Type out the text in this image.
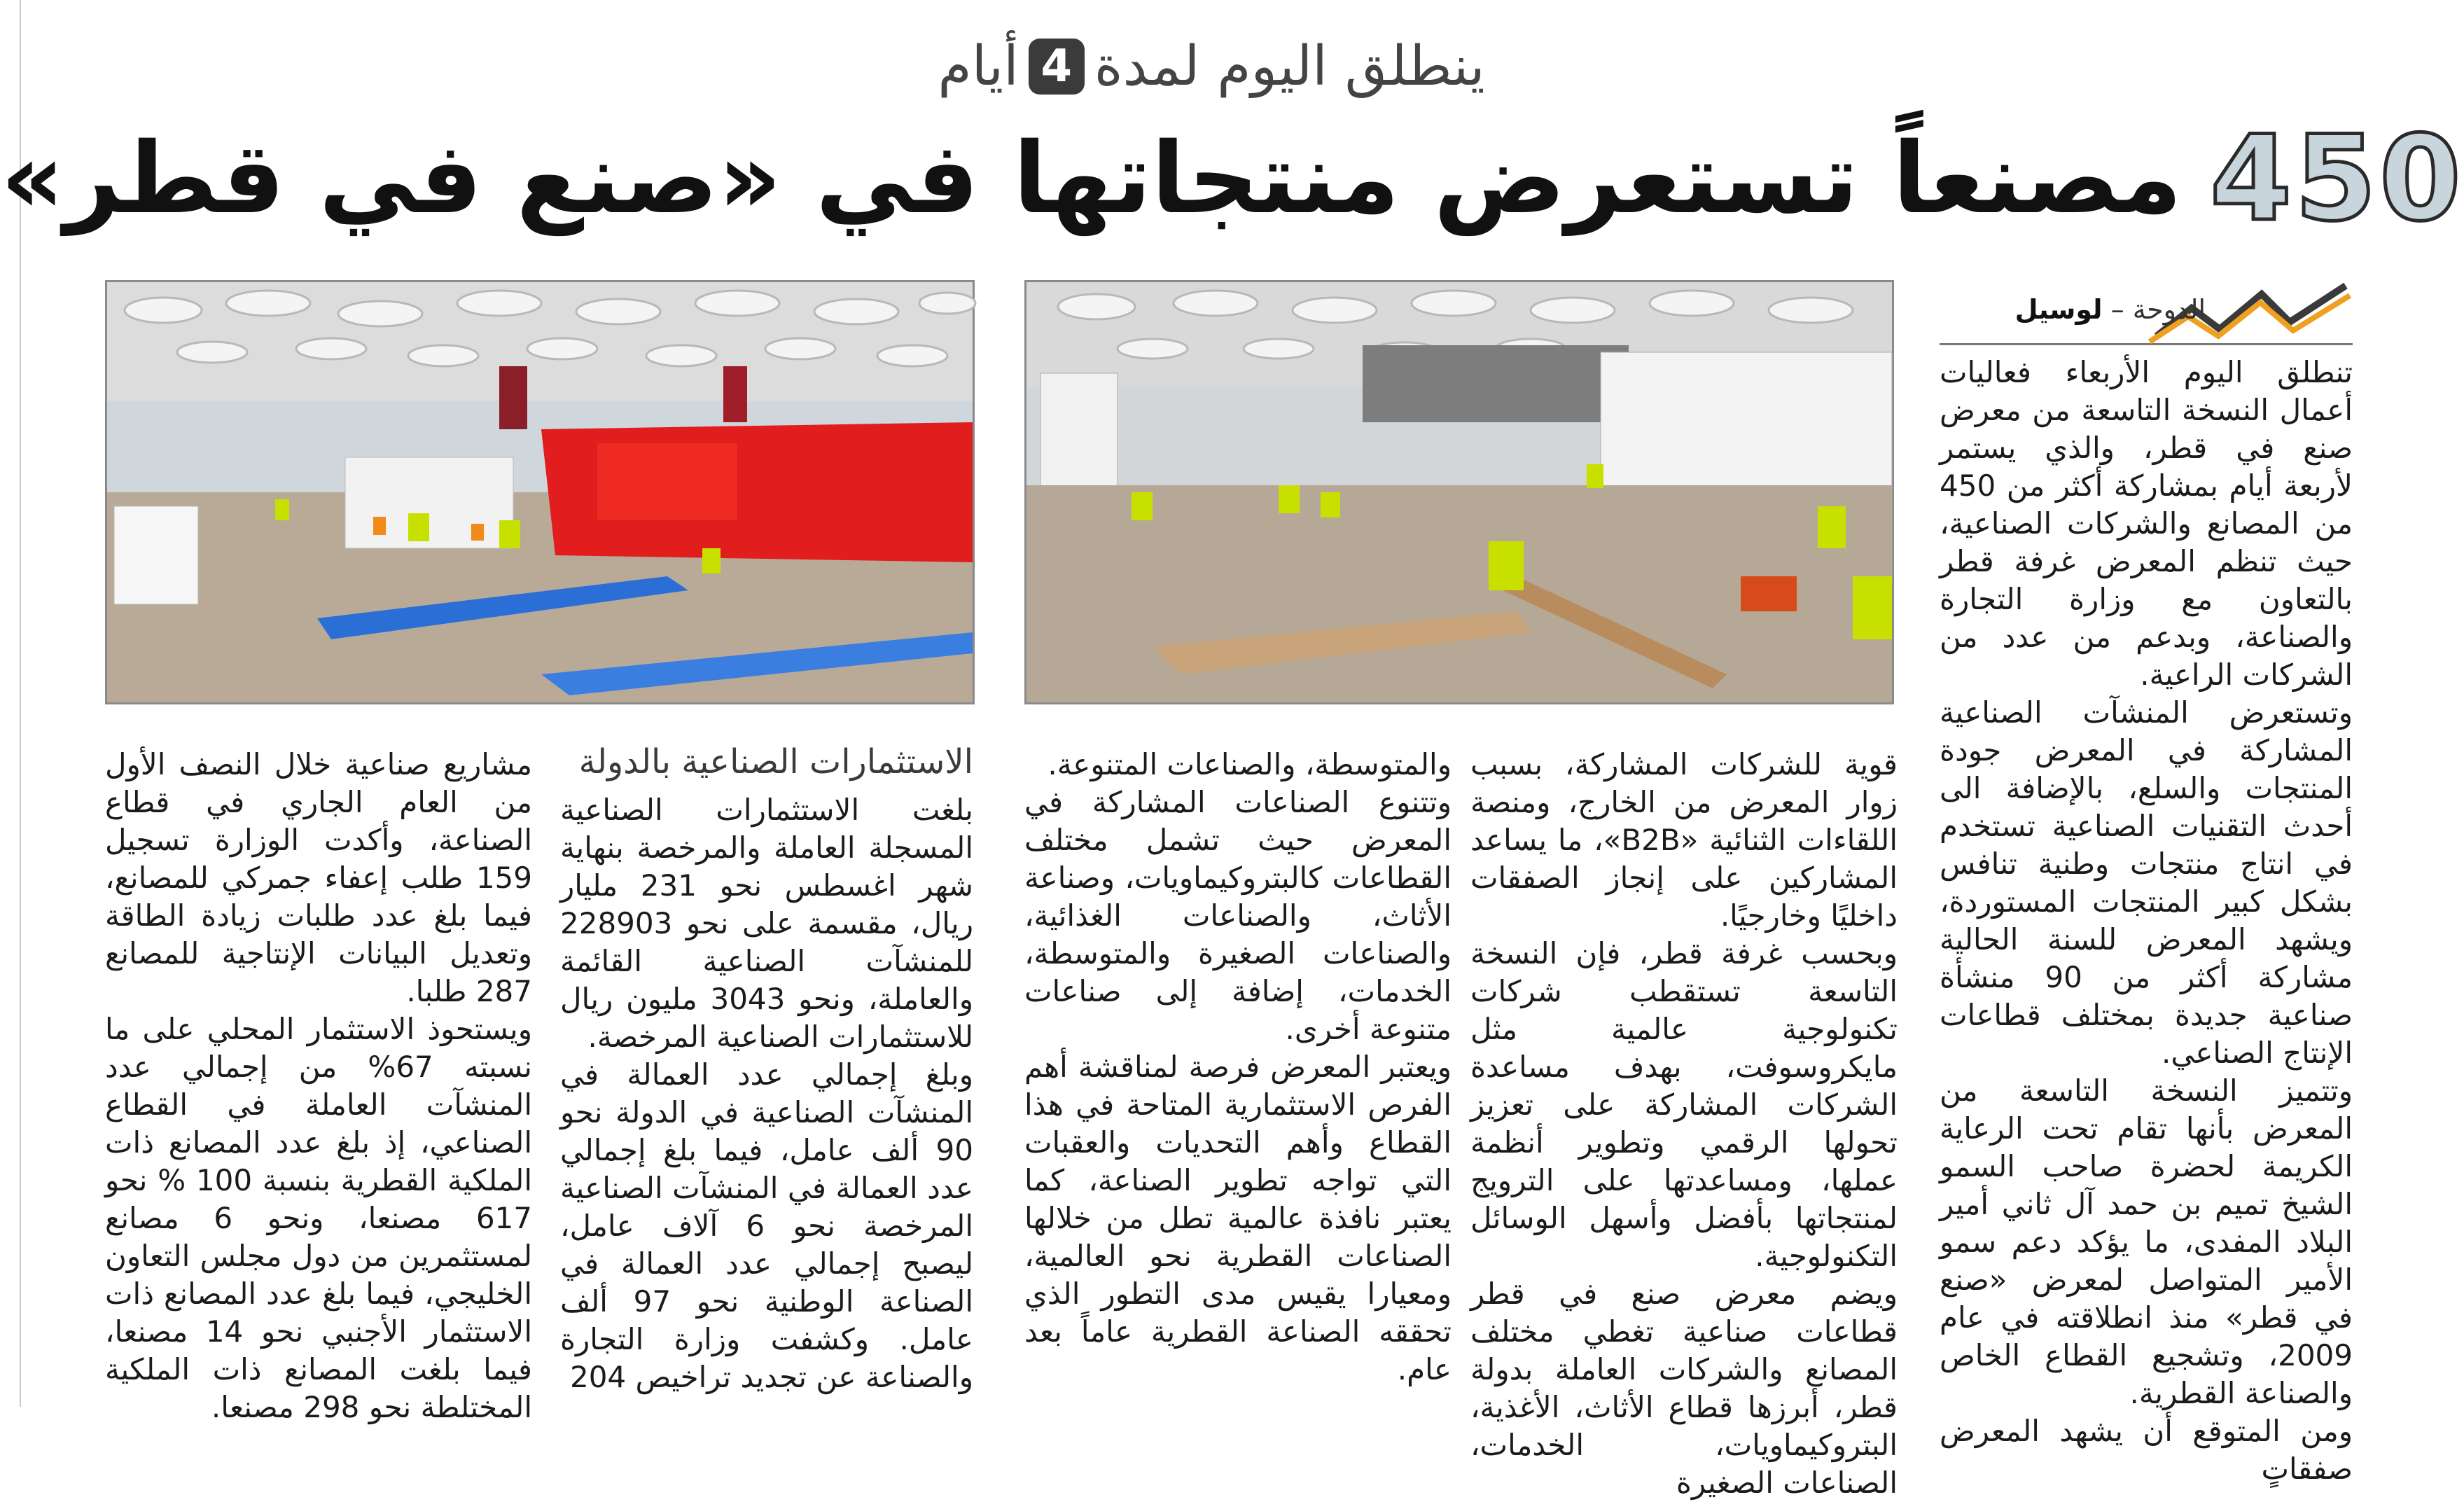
ينطلق اليوم لمدة
4
أيام
450
مصنعاً تستعرض منتجاتها في «صنع في قطر»
الدوحة – لوسيل
تنطلق اليوم الأربعاء فعاليات أعمال النسخة التاسعة من معرض صنع في قطر، والذي يستمر لأربعة أيام بمشاركة أكثر من 450 من المصانع والشركات الصناعية، حيث تنظم المعرض غرفة قطر بالتعاون مع وزارة التجارة والصناعة، وبدعم من عدد من الشركات الراعية.
وتستعرض المنشآت الصناعية المشاركة في المعرض جودة المنتجات والسلع، بالإضافة الى أحدث التقنيات الصناعية تستخدم في انتاج منتجات وطنية تنافس بشكل كبير المنتجات المستوردة، ويشهد المعرض للسنة الحالية مشاركة أكثر من 90 منشأة صناعية جديدة بمختلف قطاعات الإنتاج الصناعي.
وتتميز النسخة التاسعة من المعرض بأنها تقام تحت الرعاية الكريمة لحضرة صاحب السمو الشيخ تميم بن حمد آل ثاني أمير البلاد المفدى، ما يؤكد دعم سمو الأمير المتواصل لمعرض «صنع في قطر» منذ انطلاقته في عام 2009، وتشجيع القطاع الخاص والصناعة القطرية.
ومن المتوقع أن يشهد المعرض صفقاتٍ
قوية للشركات المشاركة، بسبب زوار المعرض من الخارج، ومنصة اللقاءات الثنائية «B2B»، ما يساعد المشاركين على إنجاز الصفقات داخليًا وخارجيًا.
وبحسب غرفة قطر، فإن النسخة التاسعة تستقطب شركات تكنولوجية عالمية مثل مايكروسوفت، بهدف مساعدة الشركات المشاركة على تعزيز تحولها الرقمي وتطوير أنظمة عملها، ومساعدتها على الترويج لمنتجاتها بأفضل وأسهل الوسائل التكنولوجية.
ويضم معرض صنع في قطر قطاعات صناعية تغطي مختلف المصانع والشركات العاملة بدولة قطر، أبرزها قطاع الأثاث، الأغذية، البتروكيماويات، الخدمات، الصناعات الصغيرة
والمتوسطة، والصناعات المتنوعة.
وتتنوع الصناعات المشاركة في المعرض حيث تشمل مختلف القطاعات كالبتروكيماويات، وصناعة الأثاث، والصناعات الغذائية، والصناعات الصغيرة والمتوسطة، الخدمات، إضافة إلى صناعات متنوعة أخرى.
ويعتبر المعرض فرصة لمناقشة أهم الفرص الاستثمارية المتاحة في هذا القطاع وأهم التحديات والعقبات التي تواجه تطوير الصناعة، كما يعتبر نافذة عالمية تطل من خلالها الصناعات القطرية نحو العالمية، ومعيارا يقيس مدى التطور الذي تحققه الصناعة القطرية عاماً بعد عام.
الاستثمارات الصناعية بالدولة
بلغت الاستثمارات الصناعية المسجلة العاملة والمرخصة بنهاية شهر اغسطس نحو 231 مليار ريال، مقسمة على نحو 228903 للمنشآت الصناعية القائمة والعاملة، ونحو 3043 مليون ريال للاستثمارات الصناعية المرخصة.
وبلغ إجمالي عدد العمالة في المنشآت الصناعية في الدولة نحو 90 ألف عامل، فيما بلغ إجمالي عدد العمالة في المنشآت الصناعية المرخصة نحو 6 آلاف عامل، ليصبح إجمالي عدد العمالة في الصناعة الوطنية نحو 97 ألف عامل. وكشفت وزارة التجارة والصناعة عن تجديد تراخيص 204
مشاريع صناعية خلال النصف الأول من العام الجاري في قطاع الصناعة، وأكدت الوزارة تسجيل 159 طلب إعفاء جمركي للمصانع، فيما بلغ عدد طلبات زيادة الطاقة وتعديل البيانات الإنتاجية للمصانع 287 طلبا.
ويستحوذ الاستثمار المحلي على ما نسبته 67% من إجمالي عدد المنشآت العاملة في القطاع الصناعي، إذ بلغ عدد المصانع ذات الملكية القطرية بنسبة 100 % نحو 617 مصنعا، ونحو 6 مصانع لمستثمرين من دول مجلس التعاون الخليجي، فيما بلغ عدد المصانع ذات الاستثمار الأجنبي نحو 14 مصنعا، فيما بلغت المصانع ذات الملكية المختلطة نحو 298 مصنعا.
